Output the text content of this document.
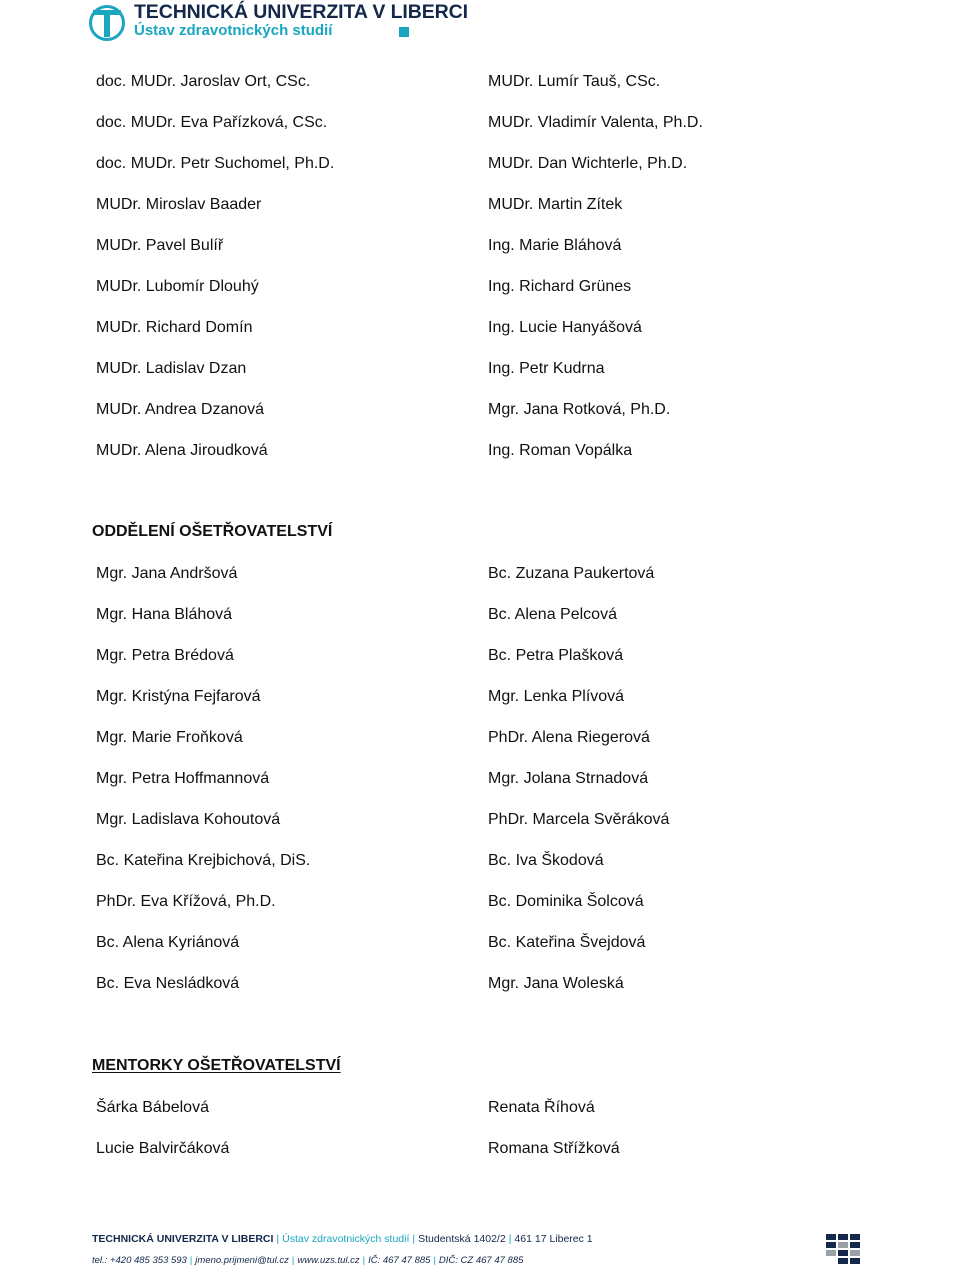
TECHNICKÁ UNIVERZITA V LIBERCI
Ústav zdravotnických studií
doc. MUDr. Jaroslav Ort, CSc.
doc. MUDr. Eva Pařízková, CSc.
doc. MUDr. Petr Suchomel, Ph.D.
MUDr. Miroslav Baader
MUDr. Pavel Bulíř
MUDr. Lubomír Dlouhý
MUDr. Richard Domín
MUDr. Ladislav Dzan
MUDr. Andrea Dzanová
MUDr. Alena Jiroudková
MUDr. Lumír Tauš, CSc.
MUDr. Vladimír Valenta, Ph.D.
MUDr. Dan Wichterle, Ph.D.
MUDr. Martin Zítek
Ing. Marie Bláhová
Ing. Richard Grünes
Ing. Lucie Hanyášová
Ing. Petr Kudrna
Mgr. Jana Rotková, Ph.D.
Ing. Roman Vopálka
ODDĚLENÍ OŠETŘOVATELSTVÍ
Mgr. Jana Andršová
Mgr. Hana Bláhová
Mgr. Petra Brédová
Mgr. Kristýna Fejfarová
Mgr. Marie Froňková
Mgr. Petra Hoffmannová
Mgr. Ladislava Kohoutová
Bc. Kateřina Krejbichová, DiS.
PhDr. Eva Křížová, Ph.D.
Bc. Alena Kyriánová
Bc. Eva Nesládková
Bc. Zuzana Paukertová
Bc. Alena Pelcová
Bc. Petra Plašková
Mgr. Lenka Plívová
PhDr. Alena Riegerová
Mgr. Jolana Strnadová
PhDr. Marcela Svěráková
Bc. Iva Škodová
Bc. Dominika Šolcová
Bc. Kateřina Švejdová
Mgr. Jana Woleská
MENTORKY OŠETŘOVATELSTVÍ
Šárka Bábelová
Lucie Balvirčáková
Renata Říhová
Romana Střížková
TECHNICKÁ UNIVERZITA V LIBERCI | Ústav zdravotnických studií | Studentská 1402/2 | 461 17 Liberec 1
tel.: +420 485 353 593 | jmeno.prijmeni@tul.cz | www.uzs.tul.cz | IČ: 467 47 885 | DIČ: CZ 467 47 885
